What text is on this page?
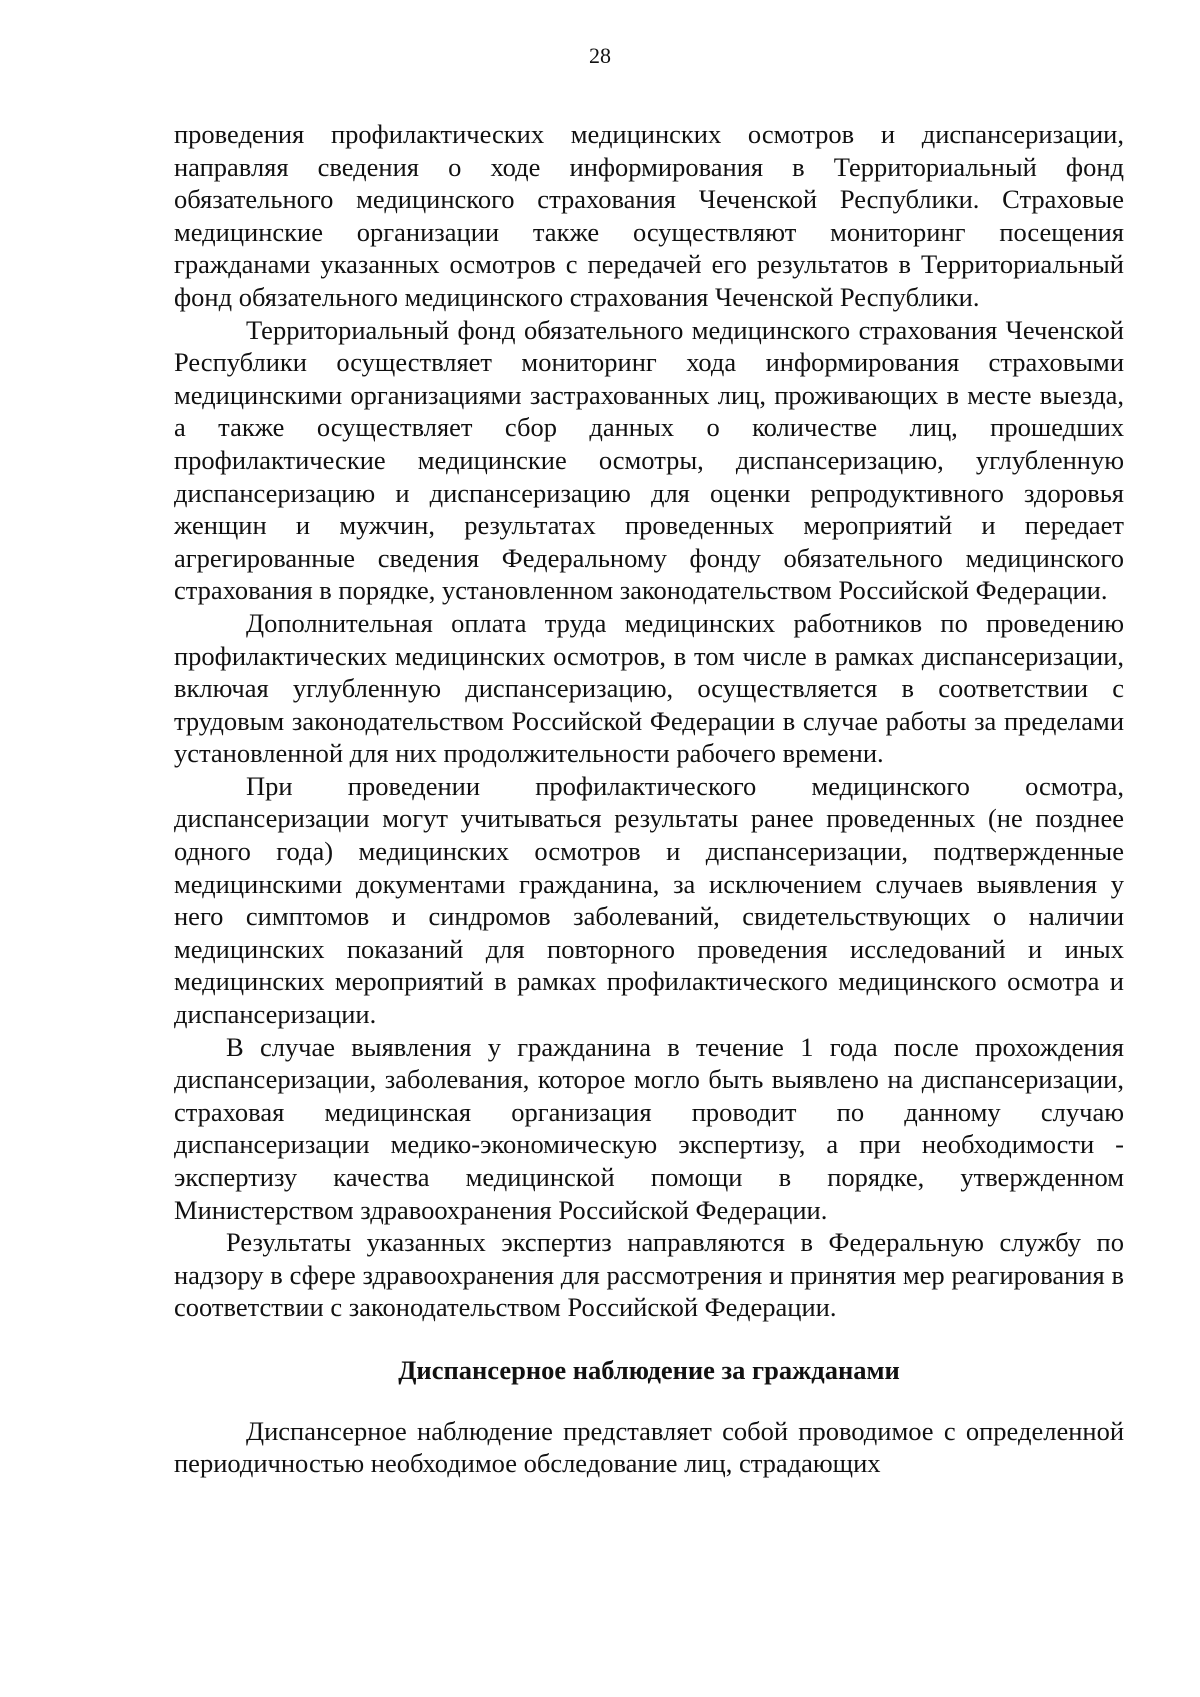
28

проведения профилактических медицинских осмотров и диспансеризации, направляя сведения о ходе информирования в Территориальный фонд обязательного медицинского страхования Чеченской Республики. Страховые медицинские организации также осуществляют мониторинг посещения гражданами указанных осмотров с передачей его результатов в Территориальный фонд обязательного медицинского страхования Чеченской Республики.

Территориальный фонд обязательного медицинского страхования Чеченской Республики осуществляет мониторинг хода информирования страховыми медицинскими организациями застрахованных лиц, проживающих в месте выезда, а также осуществляет сбор данных о количестве лиц, прошедших профилактические медицинские осмотры, диспансеризацию, углубленную диспансеризацию и диспансеризацию для оценки репродуктивного здоровья женщин и мужчин, результатах проведенных мероприятий и передает агрегированные сведения Федеральному фонду обязательного медицинского страхования в порядке, установленном законодательством Российской Федерации.

Дополнительная оплата труда медицинских работников по проведению профилактических медицинских осмотров, в том числе в рамках диспансеризации, включая углубленную диспансеризацию, осуществляется в соответствии с трудовым законодательством Российской Федерации в случае работы за пределами установленной для них продолжительности рабочего времени.

При проведении профилактического медицинского осмотра, диспансеризации могут учитываться результаты ранее проведенных (не позднее одного года) медицинских осмотров и диспансеризации, подтвержденные медицинскими документами гражданина, за исключением случаев выявления у него симптомов и синдромов заболеваний, свидетельствующих о наличии медицинских показаний для повторного проведения исследований и иных медицинских мероприятий в рамках профилактического медицинского осмотра и диспансеризации.

В случае выявления у гражданина в течение 1 года после прохождения диспансеризации, заболевания, которое могло быть выявлено на диспансеризации, страховая медицинская организация проводит по данному случаю диспансеризации медико-экономическую экспертизу, а при необходимости - экспертизу качества медицинской помощи в порядке, утвержденном Министерством здравоохранения Российской Федерации.

Результаты указанных экспертиз направляются в Федеральную службу по надзору в сфере здравоохранения для рассмотрения и принятия мер реагирования в соответствии с законодательством Российской Федерации.

Диспансерное наблюдение за гражданами

Диспансерное наблюдение представляет собой проводимое с определенной периодичностью необходимое обследование лиц, страдающих
